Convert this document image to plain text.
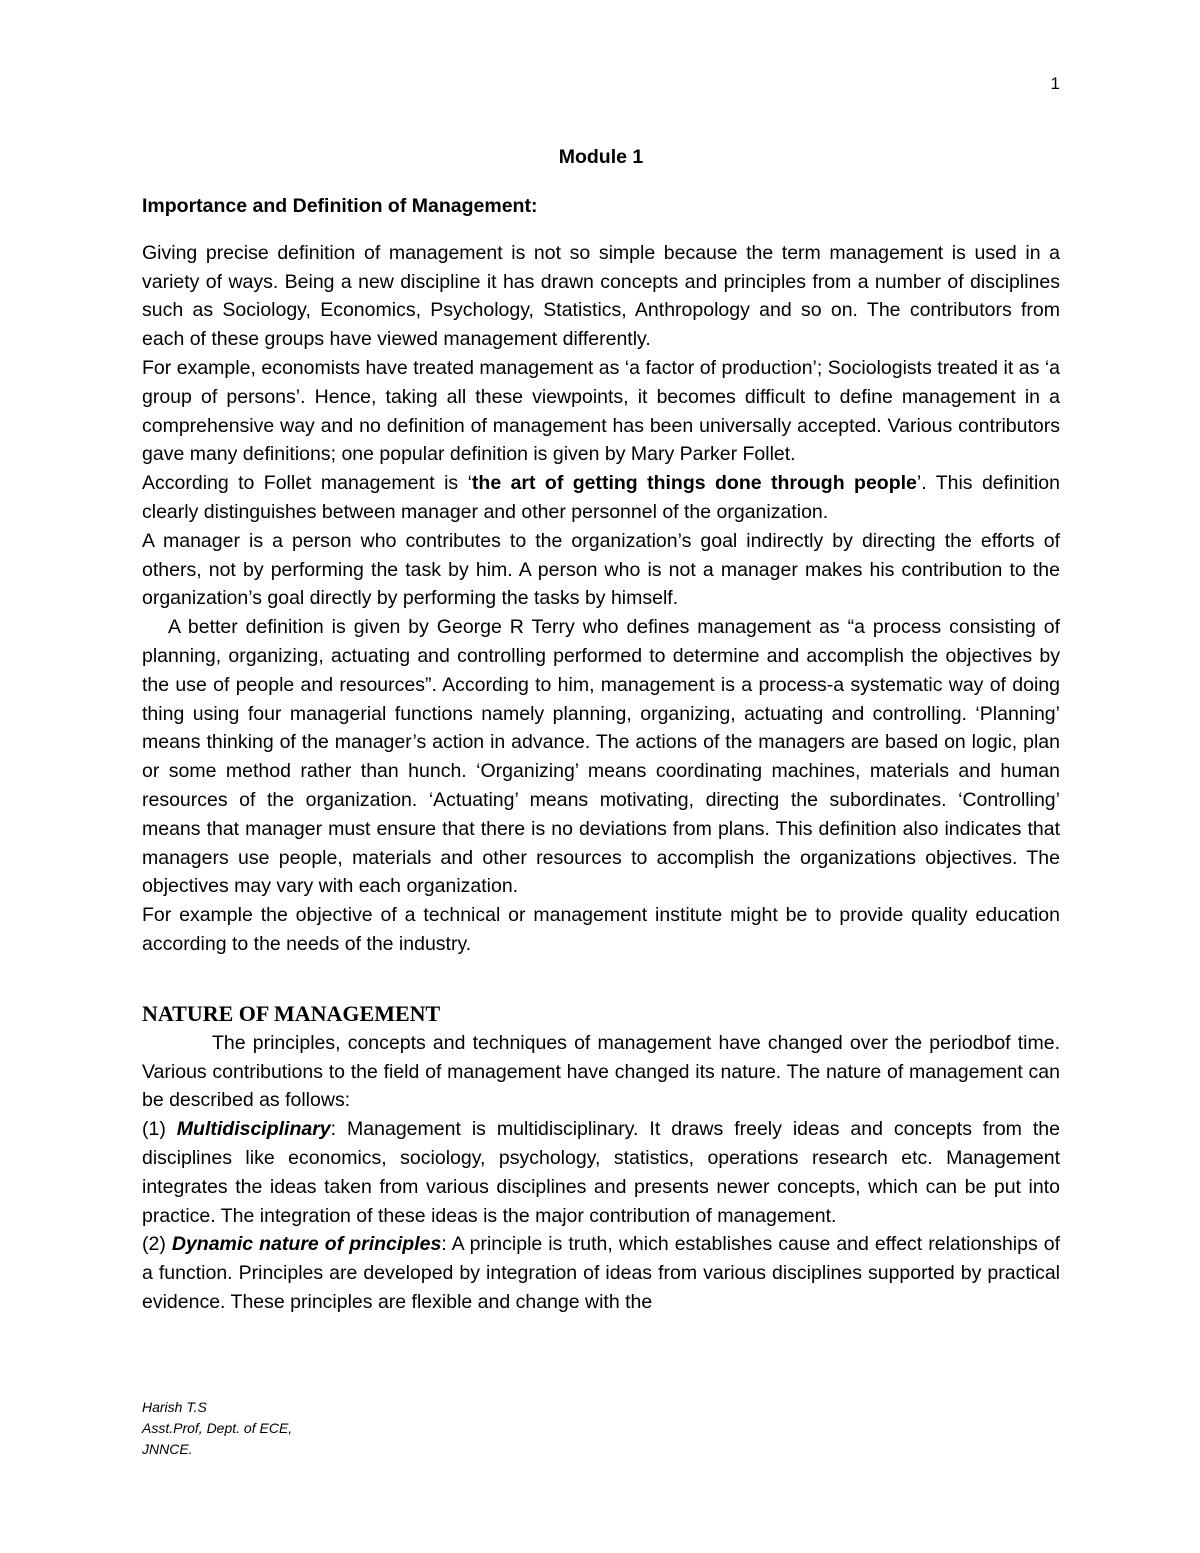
1
Module 1
Importance and Definition of Management:

Giving precise definition of management is not so simple because the term management is used in a variety of ways. Being a new discipline it has drawn concepts and principles from a number of disciplines such as Sociology, Economics, Psychology, Statistics, Anthropology and so on. The contributors from each of these groups have viewed management differently.

For example, economists have treated management as ‘a factor of production’; Sociologists treated it as ‘a group of persons’. Hence, taking all these viewpoints, it becomes difficult to define management in a comprehensive way and no definition of management has been universally accepted. Various contributors gave many definitions; one popular definition is given by Mary Parker Follet.

According to Follet management is ‘the art of getting things done through people’. This definition clearly distinguishes between manager and other personnel of the organization.

A manager is a person who contributes to the organization’s goal indirectly by directing the efforts of others, not by performing the task by him. A person who is not a manager makes his contribution to the organization’s goal directly by performing the tasks by himself.

A better definition is given by George R Terry who defines management as “a process consisting of planning, organizing, actuating and controlling performed to determine and accomplish the objectives by the use of people and resources”. According to him, management is a process-a systematic way of doing thing using four managerial functions namely planning, organizing, actuating and controlling. ‘Planning’ means thinking of the manager’s action in advance. The actions of the managers are based on logic, plan or some method rather than hunch. ‘Organizing’ means coordinating machines, materials and human resources of the organization. ‘Actuating’ means motivating, directing the subordinates. ‘Controlling’ means that manager must ensure that there is no deviations from plans. This definition also indicates that managers use people, materials and other resources to accomplish the organizations objectives. The objectives may vary with each organization.

For example the objective of a technical or management institute might be to provide quality education according to the needs of the industry.

NATURE OF MANAGEMENT

The principles, concepts and techniques of management have changed over the periodbof time. Various contributions to the field of management have changed its nature. The nature of management can be described as follows:

(1) Multidisciplinary: Management is multidisciplinary. It draws freely ideas and concepts from the disciplines like economics, sociology, psychology, statistics, operations research etc. Management integrates the ideas taken from various disciplines and presents newer concepts, which can be put into practice. The integration of these ideas is the major contribution of management.

(2) Dynamic nature of principles: A principle is truth, which establishes cause and effect relationships of a function. Principles are developed by integration of ideas from various disciplines supported by practical evidence. These principles are flexible and change with the

Harish T.S
Asst.Prof, Dept. of ECE,
JNNCE.
